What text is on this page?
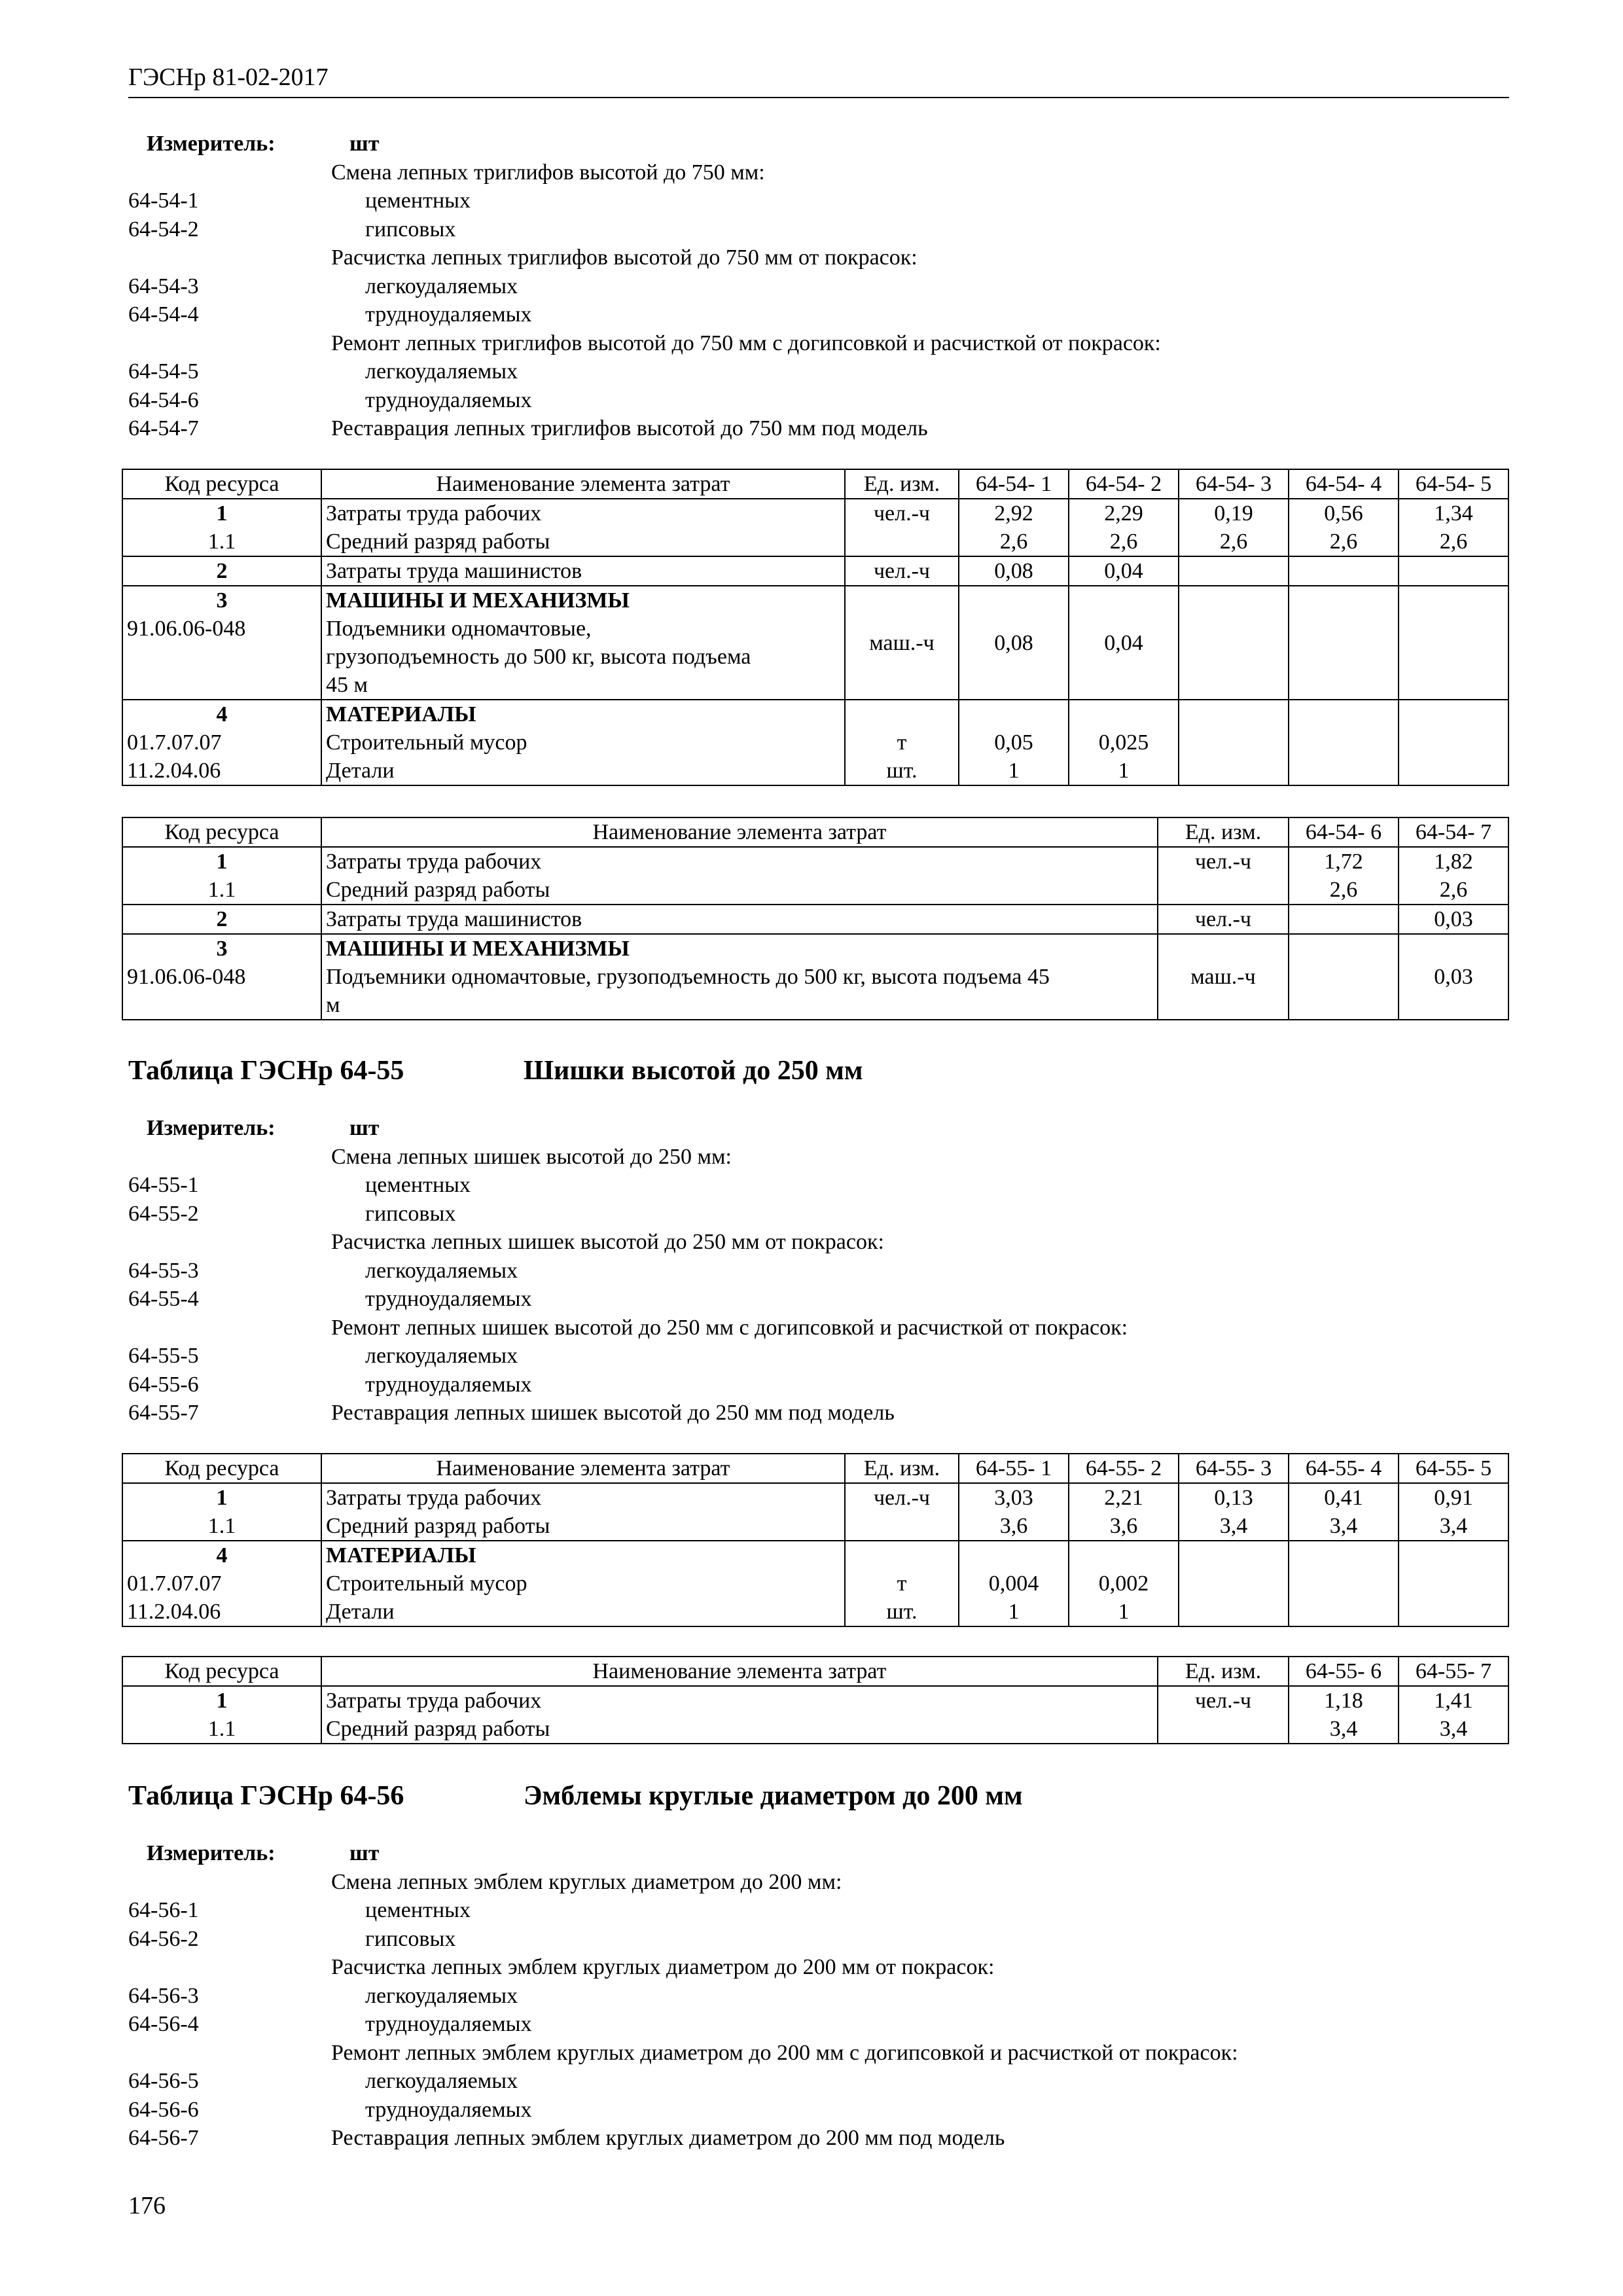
ГЭСНр 81-02-2017
Измеритель:	шт
Смена лепных триглифов высотой до 750 мм:
64-54-1	цементных
64-54-2	гипсовых
Расчистка лепных триглифов высотой до 750 мм от покрасок:
64-54-3	легкоудаляемых
64-54-4	трудноудаляемых
Ремонт лепных триглифов высотой до 750 мм с догипсовкой и расчисткой от покрасок:
64-54-5	легкоудаляемых
64-54-6	трудноудаляемых
64-54-7	Реставрация лепных триглифов высотой до 750 мм под модель
Код ресурса	Наименование элемента затрат	Ед. изм.	64-54- 1	64-54- 2	64-54- 3	64-54- 4	64-54- 5
1	Затраты труда рабочих	чел.-ч	2,92	2,29	0,19	0,56	1,34
1.1	Средний разряд работы		2,6	2,6	2,6	2,6	2,6
2	Затраты труда машинистов	чел.-ч	0,08	0,04			
3	МАШИНЫ И МЕХАНИЗМЫ						
91.06.06-048	Подъемники одномачтовые,
грузоподъемность до 500 кг, высота подъема
45 м	маш.-ч	0,08	0,04			
4	МАТЕРИАЛЫ						
01.7.07.07	Строительный мусор	т	0,05	0,025			
11.2.04.06	Детали	шт.	1	1			
Код ресурса	Наименование элемента затрат	Ед. изм.	64-54- 6	64-54- 7
1	Затраты труда рабочих	чел.-ч	1,72	1,82
1.1	Средний разряд работы		2,6	2,6
2	Затраты труда машинистов	чел.-ч		0,03
3	МАШИНЫ И МЕХАНИЗМЫ			
91.06.06-048	Подъемники одномачтовые, грузоподъемность до 500 кг, высота подъема 45
м	маш.-ч		0,03
Таблица ГЭСНр 64-55	Шишки высотой до 250 мм
Измеритель:	шт
Смена лепных шишек высотой до 250 мм:
64-55-1	цементных
64-55-2	гипсовых
Расчистка лепных шишек высотой до 250 мм от покрасок:
64-55-3	легкоудаляемых
64-55-4	трудноудаляемых
Ремонт лепных шишек высотой до 250 мм с догипсовкой и расчисткой от покрасок:
64-55-5	легкоудаляемых
64-55-6	трудноудаляемых
64-55-7	Реставрация лепных шишек высотой до 250 мм под модель
Код ресурса	Наименование элемента затрат	Ед. изм.	64-55- 1	64-55- 2	64-55- 3	64-55- 4	64-55- 5
1	Затраты труда рабочих	чел.-ч	3,03	2,21	0,13	0,41	0,91
1.1	Средний разряд работы		3,6	3,6	3,4	3,4	3,4
4	МАТЕРИАЛЫ						
01.7.07.07	Строительный мусор	т	0,004	0,002			
11.2.04.06	Детали	шт.	1	1			
Код ресурса	Наименование элемента затрат	Ед. изм.	64-55- 6	64-55- 7
1	Затраты труда рабочих	чел.-ч	1,18	1,41
1.1	Средний разряд работы		3,4	3,4
Таблица ГЭСНр 64-56	Эмблемы круглые диаметром до 200 мм
Измеритель:	шт
Смена лепных эмблем круглых диаметром до 200 мм:
64-56-1	цементных
64-56-2	гипсовых
Расчистка лепных эмблем круглых диаметром до 200 мм от покрасок:
64-56-3	легкоудаляемых
64-56-4	трудноудаляемых
Ремонт лепных эмблем круглых диаметром до 200 мм с догипсовкой и расчисткой от покрасок:
64-56-5	легкоудаляемых
64-56-6	трудноудаляемых
64-56-7	Реставрация лепных эмблем круглых диаметром до 200 мм под модель
176
